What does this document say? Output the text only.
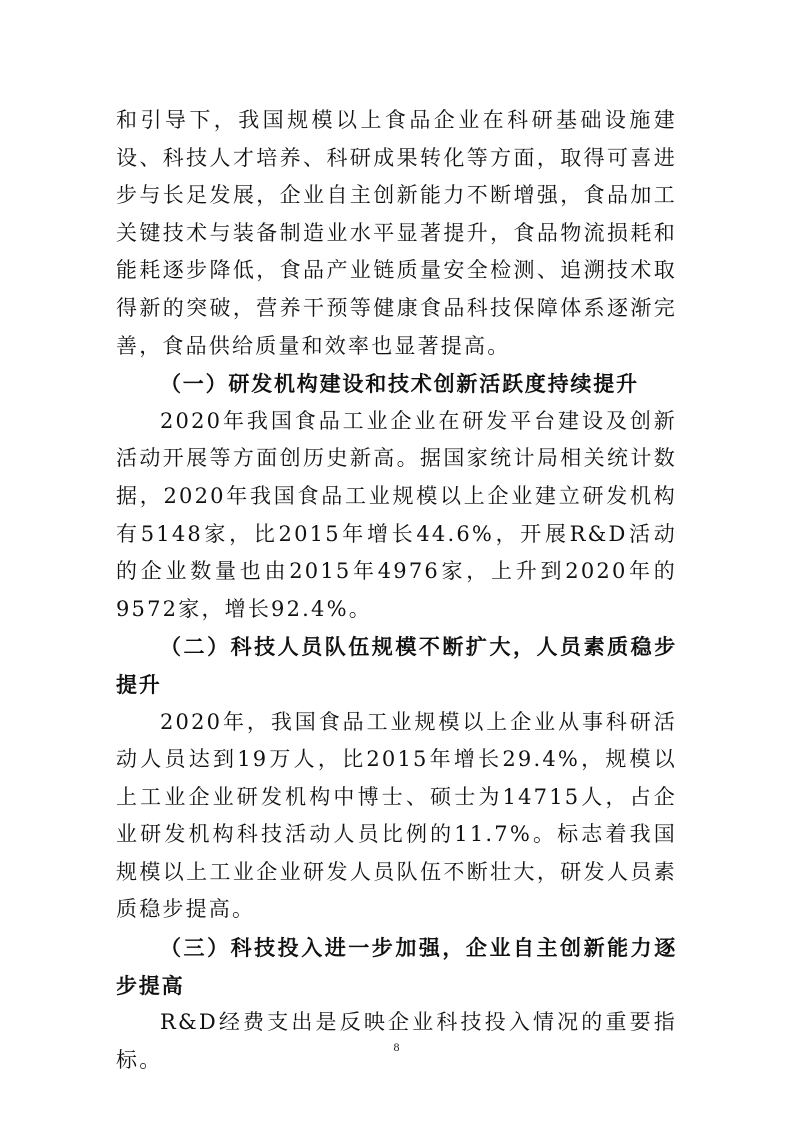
和引导下，我国规模以上食品企业在科研基础设施建设、科技人才培养、科研成果转化等方面，取得可喜进步与长足发展，企业自主创新能力不断增强，食品加工关键技术与装备制造业水平显著提升，食品物流损耗和能耗逐步降低，食品产业链质量安全检测、追溯技术取得新的突破，营养干预等健康食品科技保障体系逐渐完善，食品供给质量和效率也显著提高。

（一）研发机构建设和技术创新活跃度持续提升

2020年我国食品工业企业在研发平台建设及创新活动开展等方面创历史新高。据国家统计局相关统计数据，2020年我国食品工业规模以上企业建立研发机构有5148家，比2015年增长44.6%，开展R&D活动的企业数量也由2015年4976家，上升到2020年的9572家，增长92.4%。

（二）科技人员队伍规模不断扩大，人员素质稳步提升

2020年，我国食品工业规模以上企业从事科研活动人员达到19万人，比2015年增长29.4%，规模以上工业企业研发机构中博士、硕士为14715人，占企业研发机构科技活动人员比例的11.7%。标志着我国规模以上工业企业研发人员队伍不断壮大，研发人员素质稳步提高。

（三）科技投入进一步加强，企业自主创新能力逐步提高

R&D经费支出是反映企业科技投入情况的重要指标。

8
